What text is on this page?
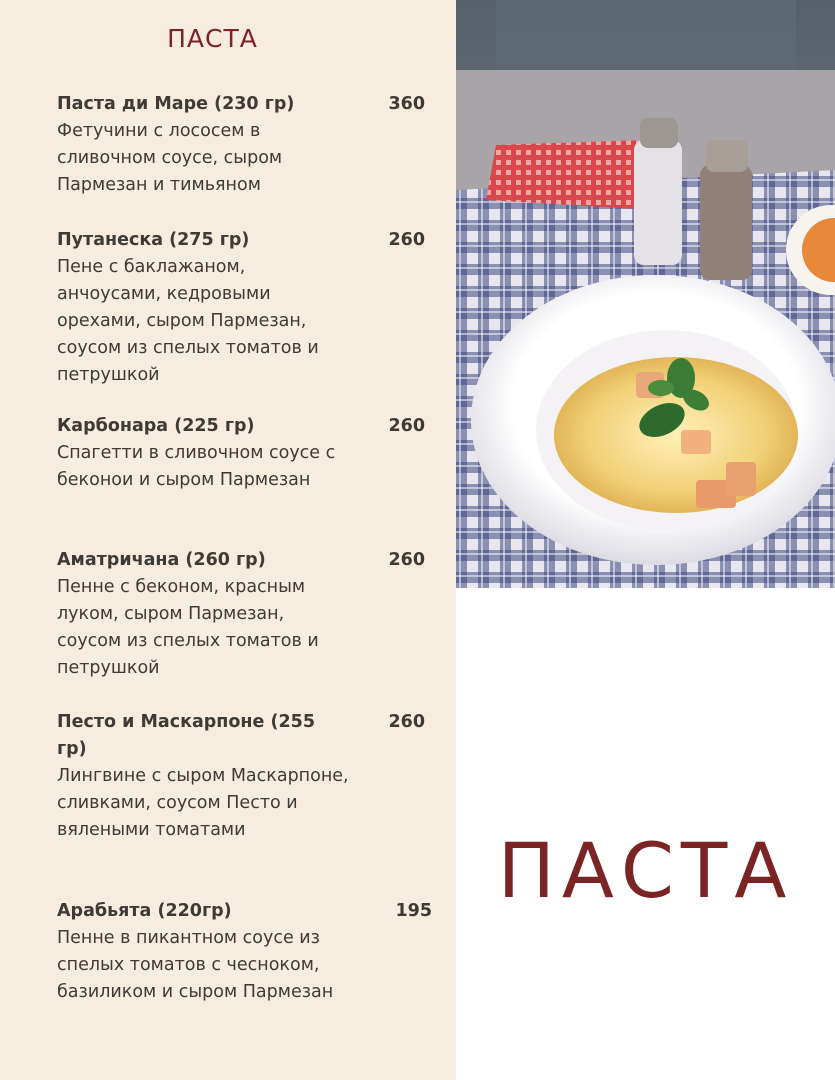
ПАСТА
Паста ди Маре (230 гр)
Фетучини с лососем в сливочном соусе, сыром Пармезан и тимьяном
360
Путанеска (275 гр)
Пене с баклажаном, анчоусами, кедровыми орехами, сыром Пармезан, соусом из спелых томатов и петрушкой
260
Карбонара (225 гр)
Спагетти в сливочном соусе с беконои и сыром Пармезан
260
Аматричана (260 гр)
Пенне с беконом, красным луком, сыром Пармезан, соусом из спелых томатов и петрушкой
260
Песто и Маскарпоне (255 гр)
Лингвине с сыром Маскарпоне, сливками, соусом Песто и вялеными томатами
260
Арабьята (220гр)
Пенне в пикантном соусе из спелых томатов с чесноком, базиликом и сыром Пармезан
195 ПАСТА
